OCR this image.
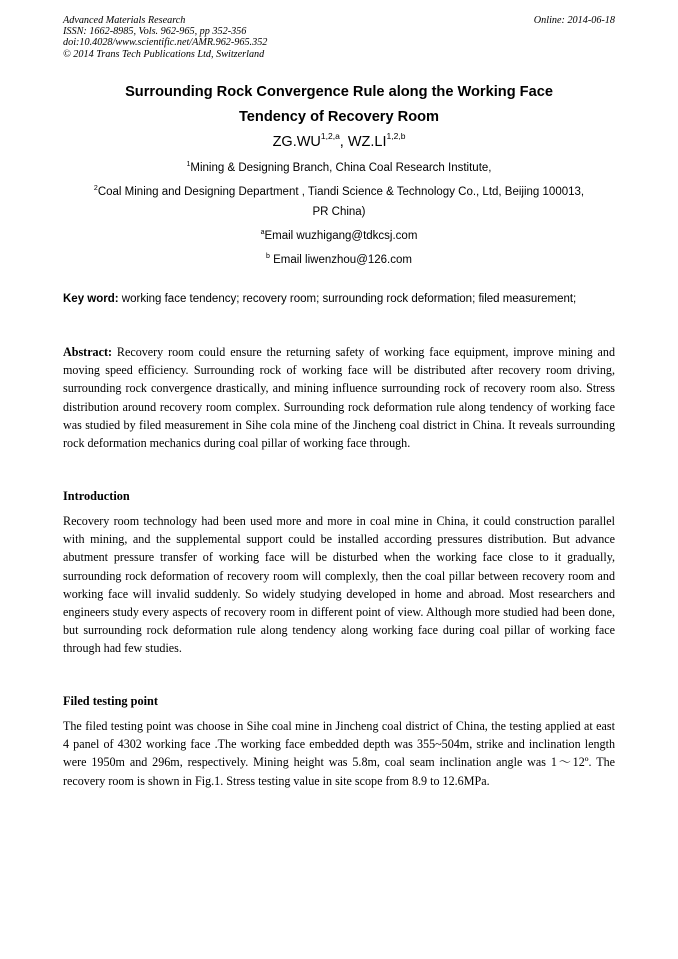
Advanced Materials Research
ISSN: 1662-8985, Vols. 962-965, pp 352-356
doi:10.4028/www.scientific.net/AMR.962-965.352
© 2014 Trans Tech Publications Ltd, Switzerland
Online: 2014-06-18
Surrounding Rock Convergence Rule along the Working Face
Tendency of Recovery Room
ZG.WU$^{1,2,a}$, WZ.LI$^{1,2,b}$
$^1$Mining & Designing Branch, China Coal Research Institute,
$^2$Coal Mining and Designing Department , Tiandi Science & Technology Co., Ltd, Beijing 100013,
PR China)
$^a$Email wuzhigang@tdkcsj.com
$^b$ Email liwenzhou@126.com
Key word: working face tendency; recovery room; surrounding rock deformation; filed measurement;
Abstract: Recovery room could ensure the returning safety of working face equipment, improve mining and moving speed efficiency. Surrounding rock of working face will be distributed after recovery room driving, surrounding rock convergence drastically, and mining influence surrounding rock of recovery room also. Stress distribution around recovery room complex. Surrounding rock deformation rule along tendency of working face was studied by filed measurement in Sihe cola mine of the Jincheng coal district in China. It reveals surrounding rock deformation mechanics during coal pillar of working face through.
Introduction
Recovery room technology had been used more and more in coal mine in China, it could construction parallel with mining, and the supplemental support could be installed according pressures distribution. But advance abutment pressure transfer of working face will be disturbed when the working face close to it gradually, surrounding rock deformation of recovery room will complexly, then the coal pillar between recovery room and working face will invalid suddenly. So widely studying developed in home and abroad. Most researchers and engineers study every aspects of recovery room in different point of view. Although more studied had been done, but surrounding rock deformation rule along tendency along working face during coal pillar of working face through had few studies.
Filed testing point
The filed testing point was choose in Sihe coal mine in Jincheng coal district of China, the testing applied at east 4 panel of 4302 working face .The working face embedded depth was 355~504m, strike and inclination length were 1950m and 296m, respectively. Mining height was 5.8m, coal seam inclination angle was 1～12º. The recovery room is shown in Fig.1. Stress testing value in site scope from 8.9 to 12.6MPa.
